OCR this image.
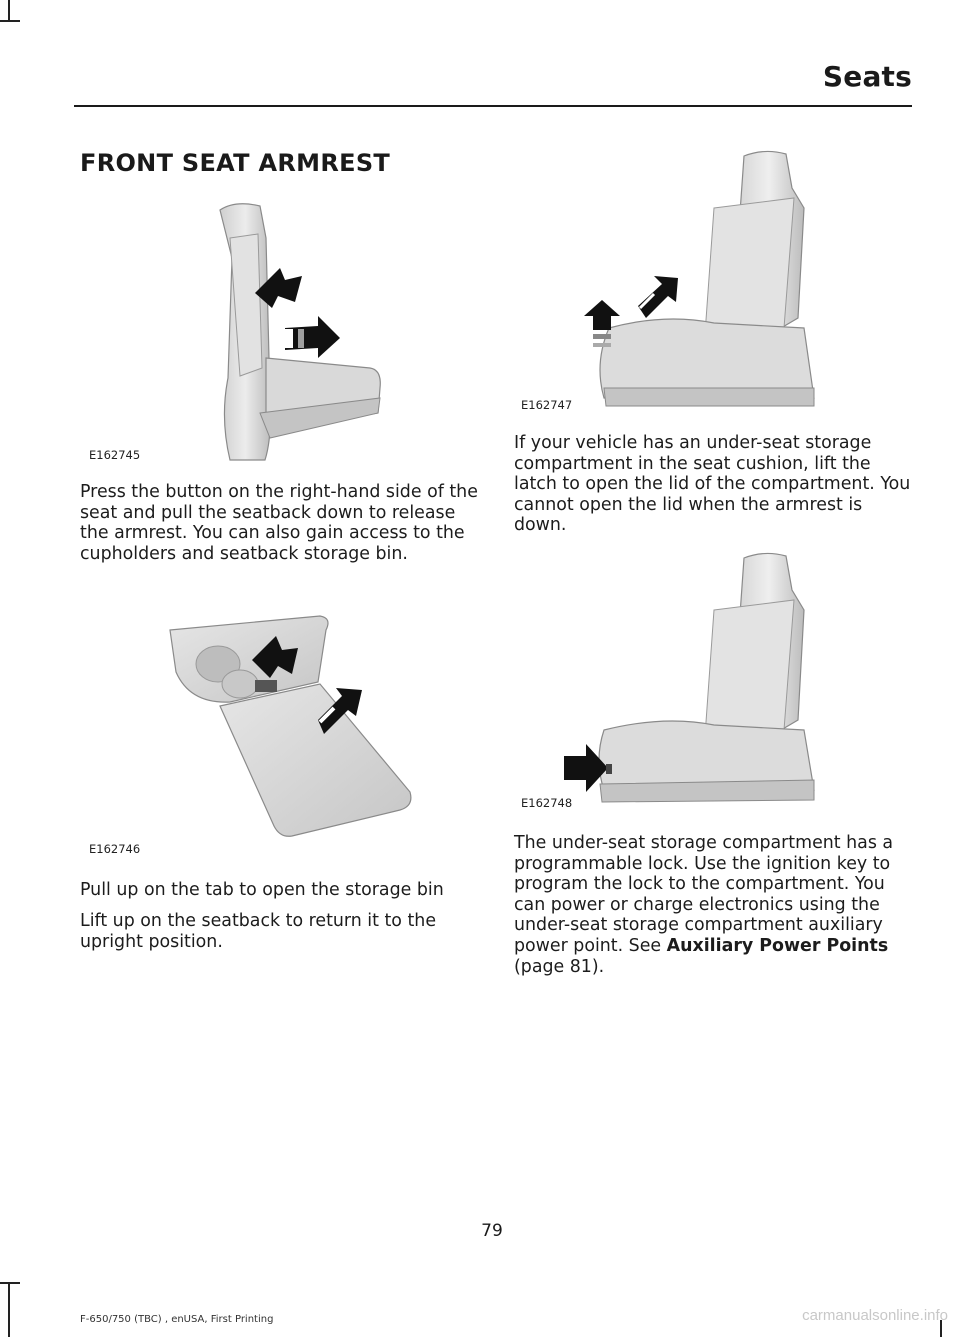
Seats
FRONT SEAT ARMREST
E162745

Press the button on the right-hand side of the seat and pull the seatback down to release the armrest. You can also gain access to the cupholders and seatback storage bin.

E162746

Pull up on the tab to open the storage bin

Lift up on the seatback to return it to the upright position.

E162747

If your vehicle has an under-seat storage compartment in the seat cushion, lift the latch to open the lid of the compartment. You cannot open the lid when the armrest is down.

E162748

The under-seat storage compartment has a programmable lock. Use the ignition key to program the lock to the compartment. You can power or charge electronics using the under-seat storage compartment auxiliary power point. See Auxiliary Power Points (page 81).

79
F-650/750 (TBC) , enUSA, First Printing	carmanualsonline.info
